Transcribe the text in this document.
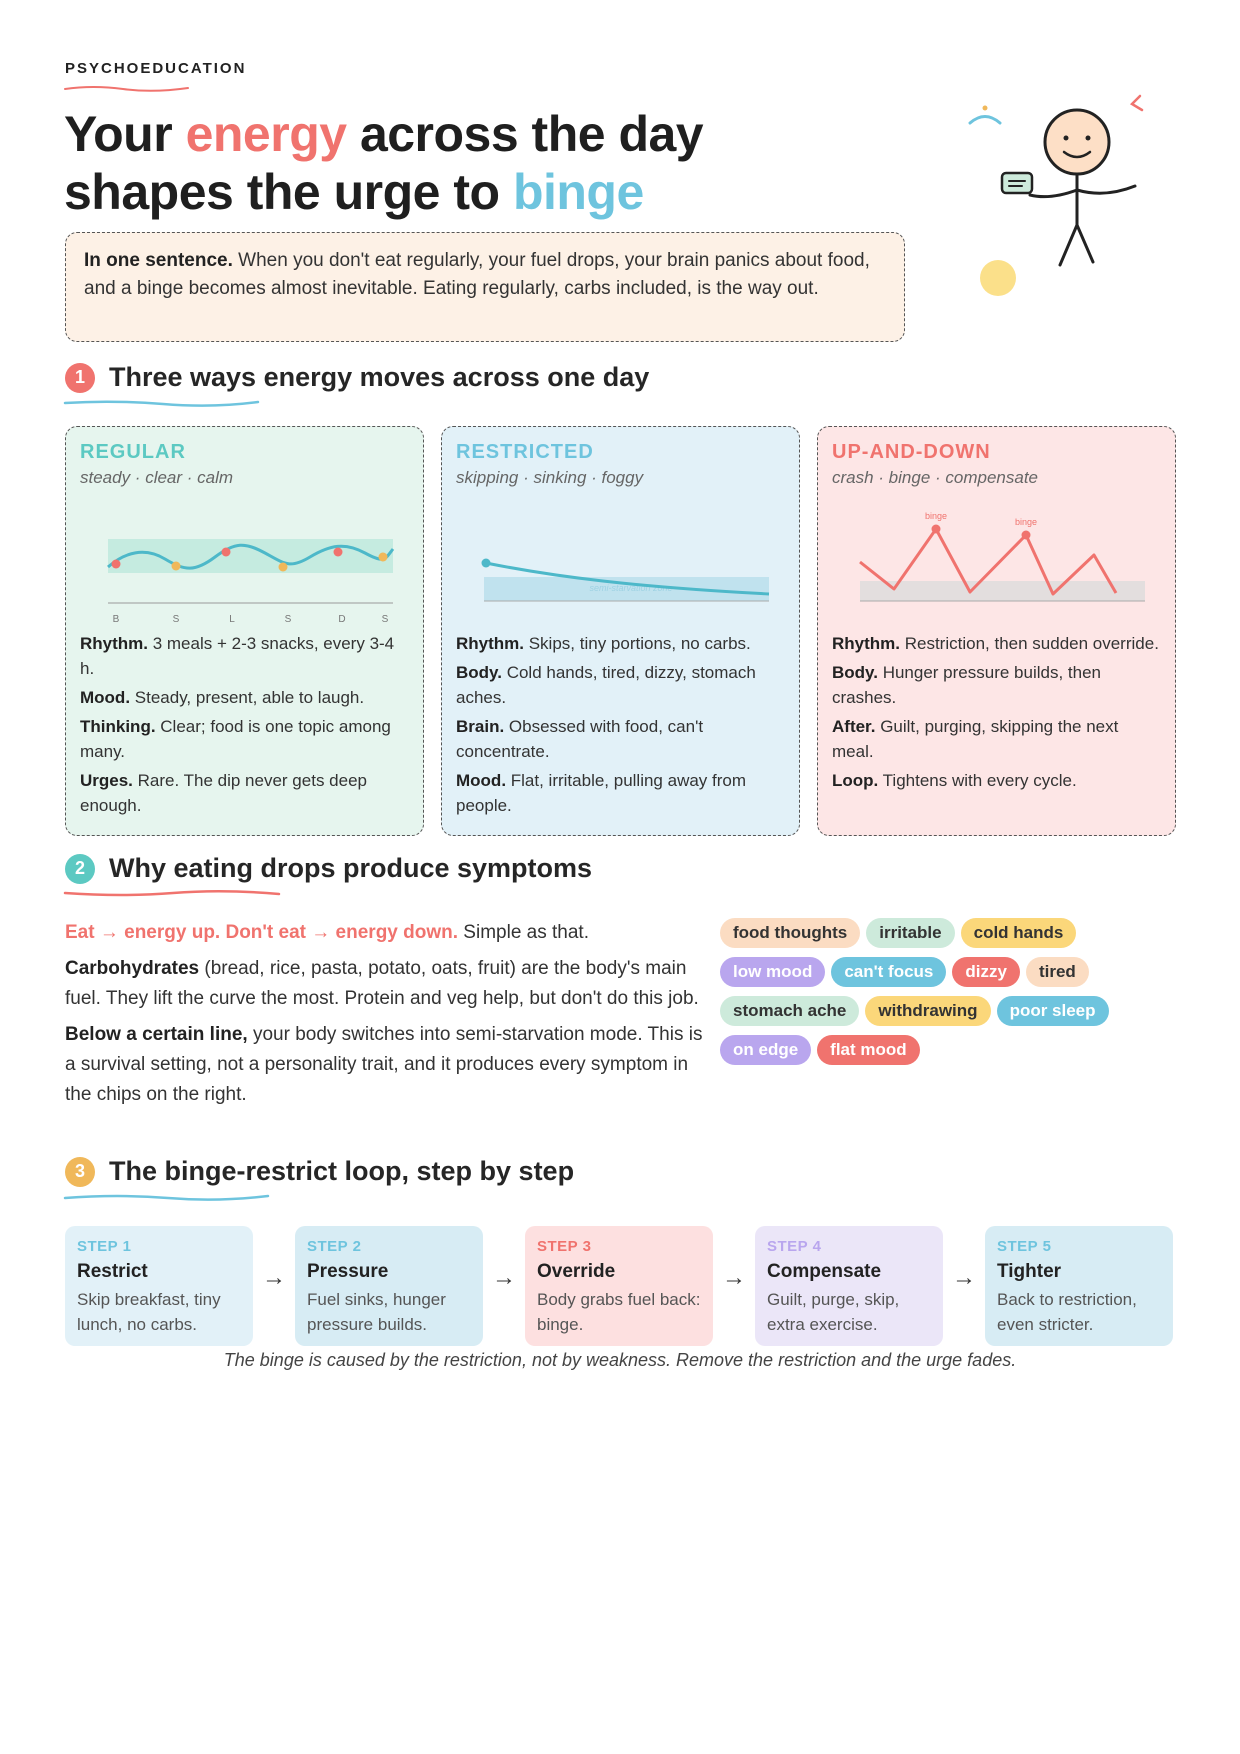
PSYCHOEDUCATION
Your energy across the day shapes the urge to binge
In one sentence. When you don't eat regularly, your fuel drops, your brain panics about food, and a binge becomes almost inevitable. Eating regularly, carbs included, is the way out.
1 Three ways energy moves across one day
REGULAR
steady · clear · calm
B	S	L	S	D	S

Rhythm. 3 meals + 2-3 snacks, every 3-4 h.

Mood. Steady, present, able to laugh.

Thinking. Clear; food is one topic among many.

Urges. Rare. The dip never gets deep enough.

RESTRICTED
skipping · sinking · foggy
semi-starvation zone

Rhythm. Skips, tiny portions, no carbs.

Body. Cold hands, tired, dizzy, stomach aches.

Brain. Obsessed with food, can't concentrate.

Mood. Flat, irritable, pulling away from people.

UP-AND-DOWN
crash · binge · compensate
binge
binge

Rhythm. Restriction, then sudden override.

Body. Hunger pressure builds, then crashes.

After. Guilt, purging, skipping the next meal.

Loop. Tightens with every cycle.

2 Why eating drops produce symptoms

Eat → energy up. Don't eat → energy down. Simple as that.

Carbohydrates (bread, rice, pasta, potato, oats, fruit) are the body's main fuel. They lift the curve the most. Protein and veg help, but don't do this job.

Below a certain line, your body switches into semi-starvation mode. This is a survival setting, not a personality trait, and it produces every symptom in the chips on the right.

food thoughts	irritable	cold hands
low mood	can't focus	dizzy	tired
stomach ache	withdrawing	poor sleep
on edge	flat mood
3 The binge-restrict loop, step by step
STEP 1
Restrict
Skip breakfast, tiny lunch, no carbs.
→
STEP 2
Pressure
Fuel sinks, hunger pressure builds.
→
STEP 3
Override
Body grabs fuel back: binge.
→
STEP 4
Compensate
Guilt, purge, skip, extra exercise.
→
STEP 5
Tighter
Back to restriction, even stricter.
The binge is caused by the restriction, not by weakness. Remove the restriction and the urge fades.
